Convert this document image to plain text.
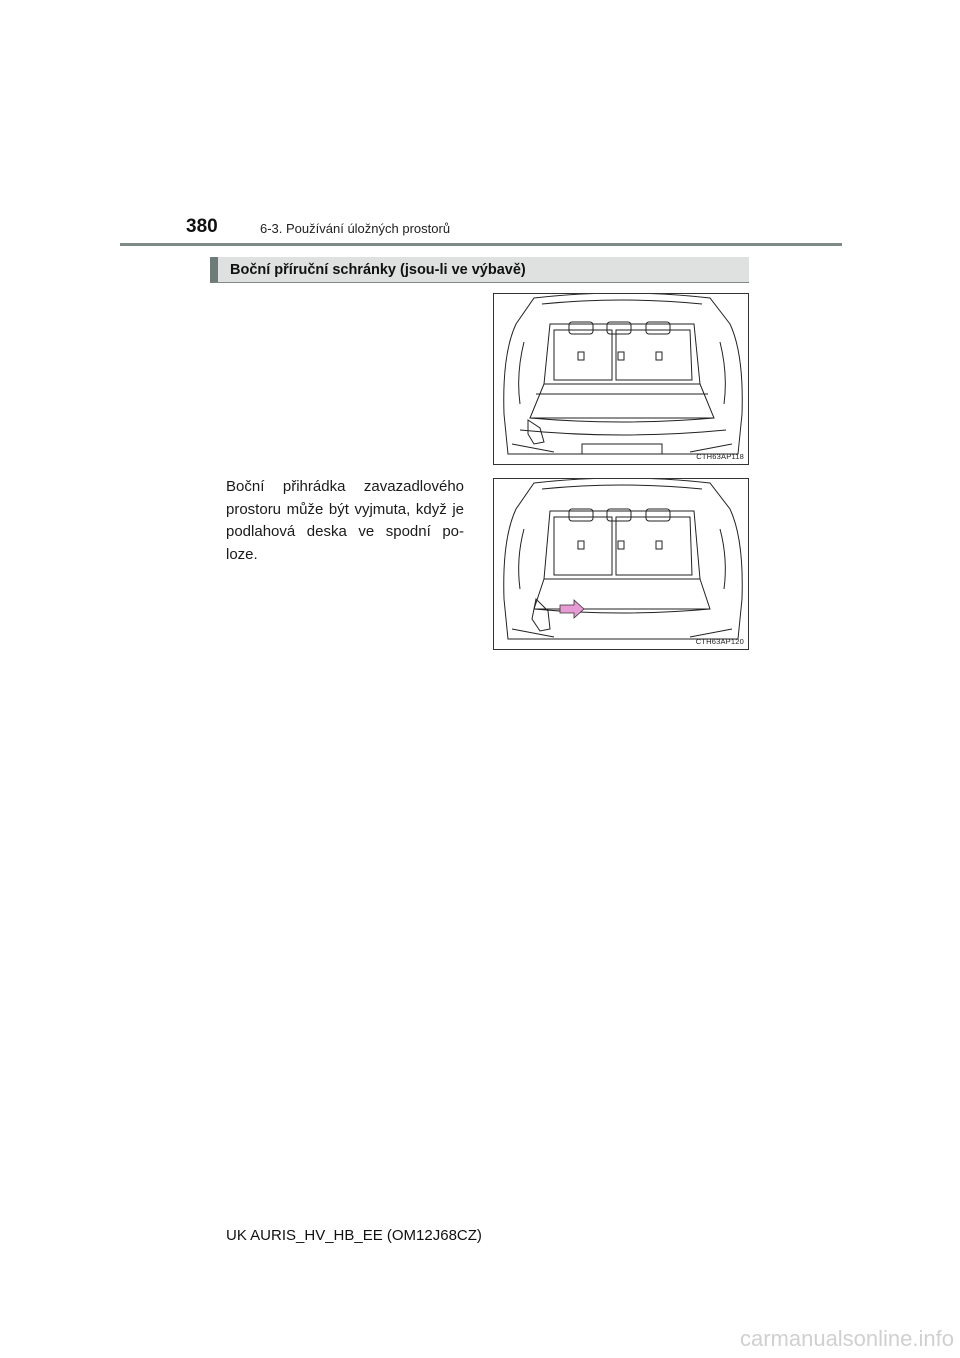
380	6-3. Používání úložných prostorů
Boční příruční schránky (jsou-li ve výbavě)
Boční přihrádka zavazadlového prostoru může být vyjmuta, když je podlahová deska ve spodní po- loze.
CTH63AP118
CTH63AP120
UK AURIS_HV_HB_EE (OM12J68CZ)
carmanualsonline.info
